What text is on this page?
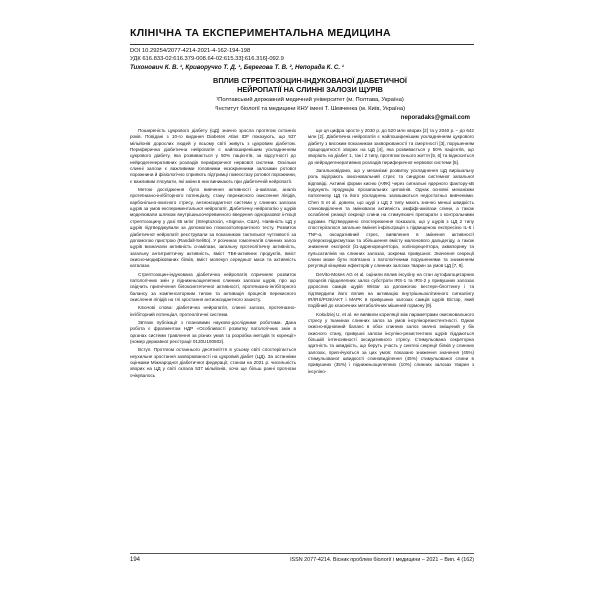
КЛІНІЧНА ТА ЕКСПЕРИМЕНТАЛЬНА МЕДИЦИНА
DOI 10.29254/2077-4214-2021-4-162-194-198
УДК 616.833-02:616.379-008.64-02:615.33]:616.316]-092.9
Тихонович К. В. ¹, Криворучко Т. Д. ¹, Берегова Т. В. ², Непорада К. С. ¹
ВПЛИВ СТРЕПТОЗОЦИН-ІНДУКОВАНОЇ ДІАБЕТИЧНОЇ НЕЙРОПАТІЇ НА СЛИННІ ЗАЛОЗИ ЩУРІВ
¹Полтавський державний медичний університет (м. Полтава, Україна)
²Інститут біології та медицини КНУ імені Т. Шевченка (м. Київ, Україна)
neporadaks@gmail.com

Поширеність цукрового діабету (ЦД) значно зросла протягом останніх років. Повідані з 10-го видання Diabetes Atlas IDF показують, що 537 мільйонів дорослих людей у всьому світі живуть з цукровим діабетом. Периферична діабетична нейропатія є найпоширенішим ускладненням цукрового діабету, яка розвивається у 50% пацієнтів, за відсутності до нейродегенеративних розладів периферичної нервової системи. Оскільки слинні залози є важливими головними екзокринними залозами ротової порожнини й фізіологічно сприяють підтримці гомеостазу ротової порожнини, є важливим з'ясувати, які зміни в них виникають при діабетичній нейропатії.

Метою дослідження було вивчення активності α-амілази, аналіз протеїназно-інгібіторного потенціалу, стану перекисного окислення ліпідів, карбонільно-окисного стресу, антиоксидантної системи у слинних залозах щурів за умов експериментальної нейропатії. Діабетичну нейропатію у щурів моделювали шляхом внутрішньоочеревинного введення одноразової ін'єкції стрептозоцину у дозі 65 мг/кг (Streptozocin, «Sigma», США). Наявність ЦД у щурів підтверджували за допомогою глюкозотолерантного тесту. Розвиток діабетичної нейропатії реєстрували за показником тактильної чутливості за допомогою пристрою (Randall-Selitto). У розчинах гомогенатів слинних залоз щурів визначали активність α-амілази, загальну протеолітичну активність, загальну антитриптичну активність, вміст ТБК-активних продуктів, вміст окисно-модифікованих білків, вміст молекул середньої маси та активність каталази.

Стрептозоцин-індукована діабетична нейропатія спричиняє розвиток патологічних змін у піднижньощелепних слинних залозах щурів, про що свідчить пригнічення білоксинтетичної активності, протеїназно-інгібіторного балансу за компенсаторним типом та активація процесів перекисного окислення ліпідів на тлі зростання антиоксидантного захисту.

Ключові слова: діабетична нейропатія, слинні залози, протеїназно-інгібіторний потенціал, протеолітичні системи.

Зв'язок публікації з плановими науково-дослідними роботами. Дана робота є фрагментом НДР «Особливості розвитку патологічних змін в органах системи травлення за різних умов та розробка методів їх корекції» (номер державної реєстрації 0120U100502).

Вступ. Протягом останнього десятиліття в усьому світі спостерігається неухильне зростання захворюваності на цукровий діабет (ЦД). За останніми оцінками Міжнародної діабетичної федерації, станом на 2021 р. чисельність хворих на ЦД у світі склала 537 мільйонів, хоча ще більш ранні прогнози очікувалось

що ця цифра зросте у 2030 р. до 520 млн хворих [2] та у 2040 р. – до 642 млн [2]. Діабетична нейропатія є найпоширенішим ускладненням цукрового діабету з високим показником захворюваності та смертності [3], порушенням працездатності хворих на ЦД [4], яка розвивається у 50% пацієнтів, що хворіють на діабет 1, так і 2 типу, протягом їхнього життя [5, 6] та відноситься до нейродегенеративних розладів периферичної нервової системи [5].

Загальновідомо, що у механізмі розвитку ускладнення ЦД вирішальну роль відіграють окиснювальний стрес та синдром системної запальної відповіді. Активні форми кисню (АФК) через сигнальні ядерного фактору-кВ індукують продукцію прозапальних цитокінів. Однак основні механізми патогенезу ЦД та його ускладнень залишаються недостатньо вивченими. Chen S et al. довели, що щурі з ЦД 2 типу мають значно менші швидкість слиновиділення та змінювали активність амфіфі-амілази слини, а також ослаблені реакції секреції слини на стимулюючі препарати з контрольними щурами. Підтверджено спостереження показало, що у щурів з ЦД 2 типу спостерігалося загальне вміння інфільтрація з підвищеною експресією IL-6 і TNF-α, оксидативний стрес, виявлення в змінення активності супероксиддисмутази та збільшення вмісту малонового дальдегіду, а також зниження експресії β1-адренорецептора, холінорецептора, аквапорину та пульсатилінів на слинних залозах, зокрема привушної. Значення секреції слини може бути пов'язано з патологічними порушеннями та зниженням регуляції кінцевих ефекторів у слинних залозах тварин за умов ЦД [7, 8].

DeVito-Moses AG et al. оцінили вплив інсуліну на стан аутофагоцитарних процесів підщелепних залоз субстрати IRS-1 та IRS-2 у привушних залозах дорослих самців щурів Wistar за допомогою вестерн-блоттингу і та підтвердили його вплив на активацію внутрішньоклітинного сигналінгу IR/IRS/PI3K/AKT і MAPK в привушних залозах самців щурів Вістар, який подібний до класичних метаболічних мішеней гормону [9].

Kołodziej U, et al. не виявили кореляції між параметрами окиснювального стресу у тканинах слинних залоз за умов інсулінорезистентності. Однак окисно-відновний баланс в обох слинних залоз значно зміщений у бік окисного стану, привушні залози інсуліно-резистентних щурів піддаються більшій інтенсивності оксидативного стресу. Стимульована секреторна здатність та швидкість, що беруть участь у синтезі секреції білків у слинних залозах, пригнічуються за цих умов: показано зниження значення (45%) стимульованої швидкості слиновиділення (45%) стимульованої слини в привушних (35%) і піднижньощелепних (10%) слинних залозах тварин з інсуліно-

194	ISSN 2077-4214. Вісник проблем біології і медицини – 2021 – Вип. 4 (162)
